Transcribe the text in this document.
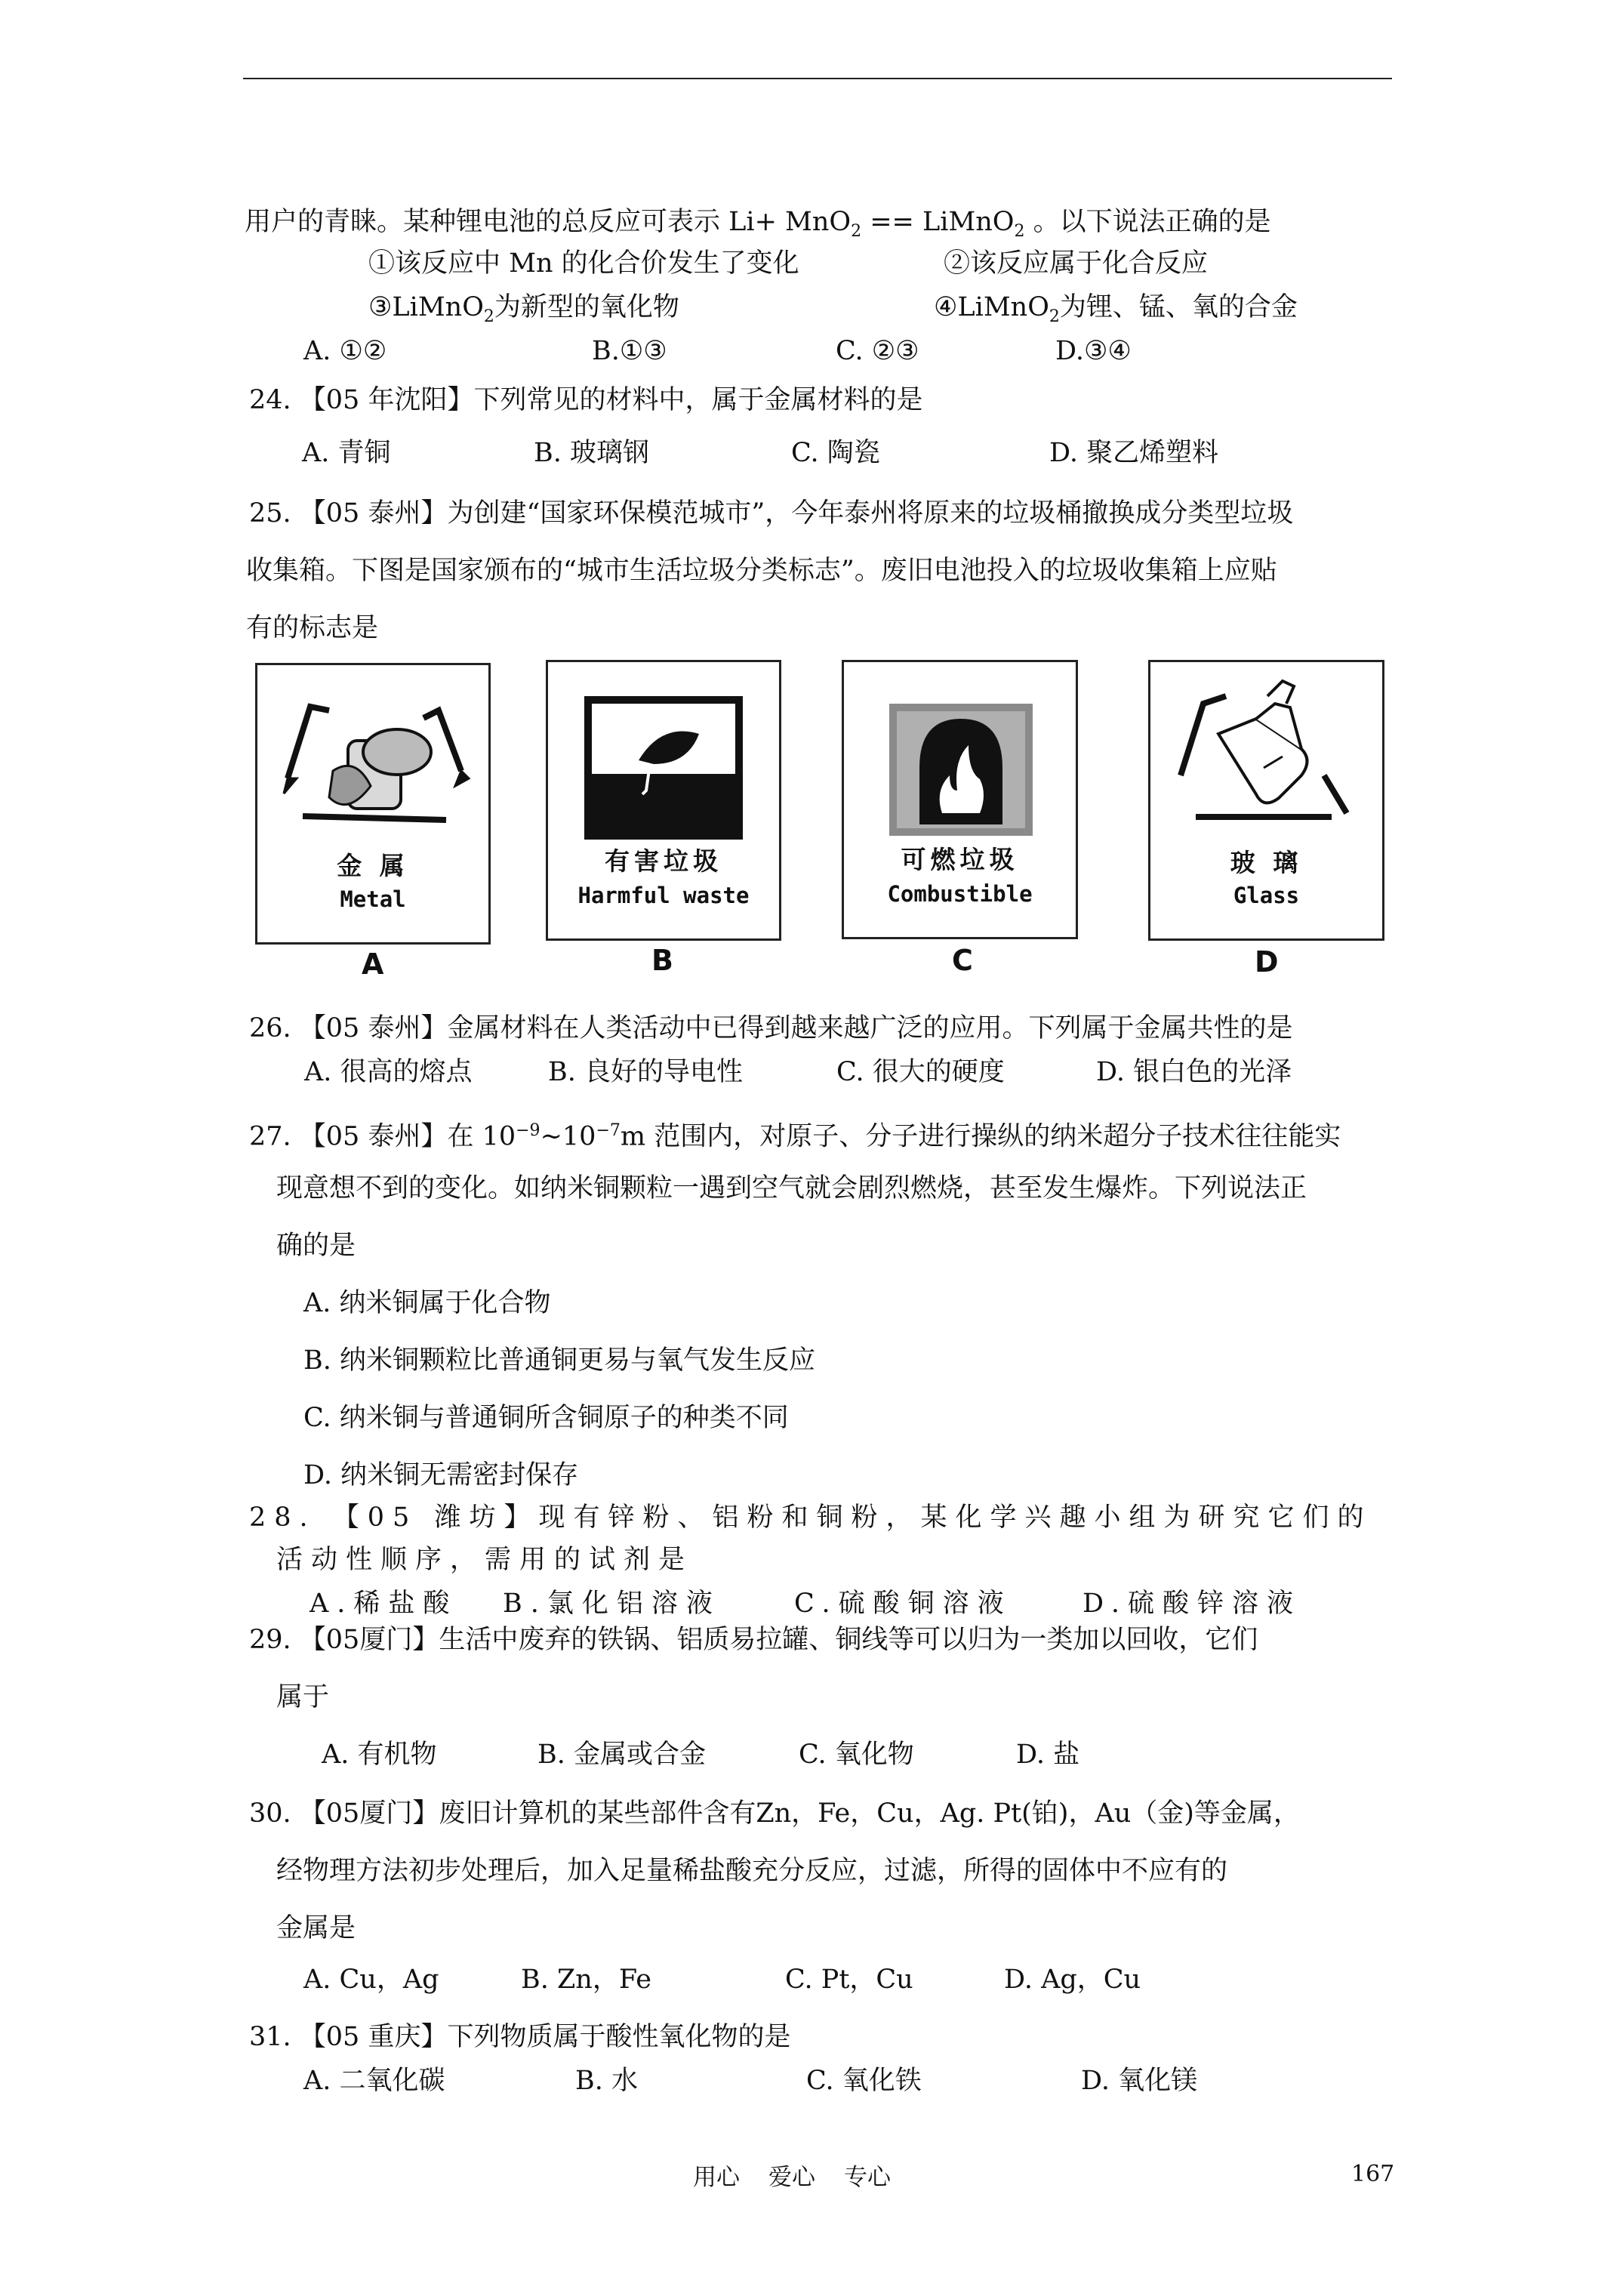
用户的青睐。某种锂电池的总反应可表示 Li+ MnO$_2$ == LiMnO$_2$ 。以下说法正确的是
①该反应中 Mn 的化合价发生了变化	②该反应属于化合反应
③LiMnO$_2$为新型的氧化物	④LiMnO$_2$为锂、锰、氧的合金
A. ①②	B.①③	C. ②③	D.③④
24. 【05 年沈阳】下列常见的材料中，属于金属材料的是
A. 青铜	B. 玻璃钢	C. 陶瓷	D. 聚乙烯塑料
25. 【05 泰州】为创建“国家环保模范城市”，今年泰州将原来的垃圾桶撤换成分类型垃圾
收集箱。下图是国家颁布的“城市生活垃圾分类标志”。废旧电池投入的垃圾收集箱上应贴
有的标志是
金 属
Metal
A
有害垃圾
Harmful waste
B
可燃垃圾
Combustible
C
玻 璃
Glass
D
26. 【05 泰州】金属材料在人类活动中已得到越来越广泛的应用。下列属于金属共性的是
A. 很高的熔点	B. 良好的导电性	C. 很大的硬度	D. 银白色的光泽
27. 【05 泰州】在 $10^{-9}\sim 10^{-7}m$ 范围内，对原子、分子进行操纵的纳米超分子技术往往能实
现意想不到的变化。如纳米铜颗粒一遇到空气就会剧烈燃烧，甚至发生爆炸。下列说法正
确的是
A. 纳米铜属于化合物
B. 纳米铜颗粒比普通铜更易与氧气发生反应
C. 纳米铜与普通铜所含铜原子的种类不同
D. 纳米铜无需密封保存
28. 【05 潍坊】现有锌粉、铝粉和铜粉，某化学兴趣小组为研究它们的
活动性顺序，需用的试剂是
A.稀盐酸 B.氯化铝溶液	C.硫酸铜溶液	D.硫酸锌溶液
29. 【05厦门】生活中废弃的铁锅、铝质易拉罐、铜线等可以归为一类加以回收，它们
属于
A. 有机物	B. 金属或合金	C. 氧化物	D. 盐
30. 【05厦门】废旧计算机的某些部件含有Zn，Fe，Cu，Ag. Pt(铂)，Au（金)等金属，
经物理方法初步处理后，加入足量稀盐酸充分反应，过滤，所得的固体中不应有的
金属是
A. Cu，Ag	B. Zn，Fe	C. Pt，Cu	D. Ag，Cu
31. 【05 重庆】下列物质属于酸性氧化物的是
A. 二氧化碳	B. 水	C. 氧化铁	D. 氧化镁
用心 爱心 专心	167
